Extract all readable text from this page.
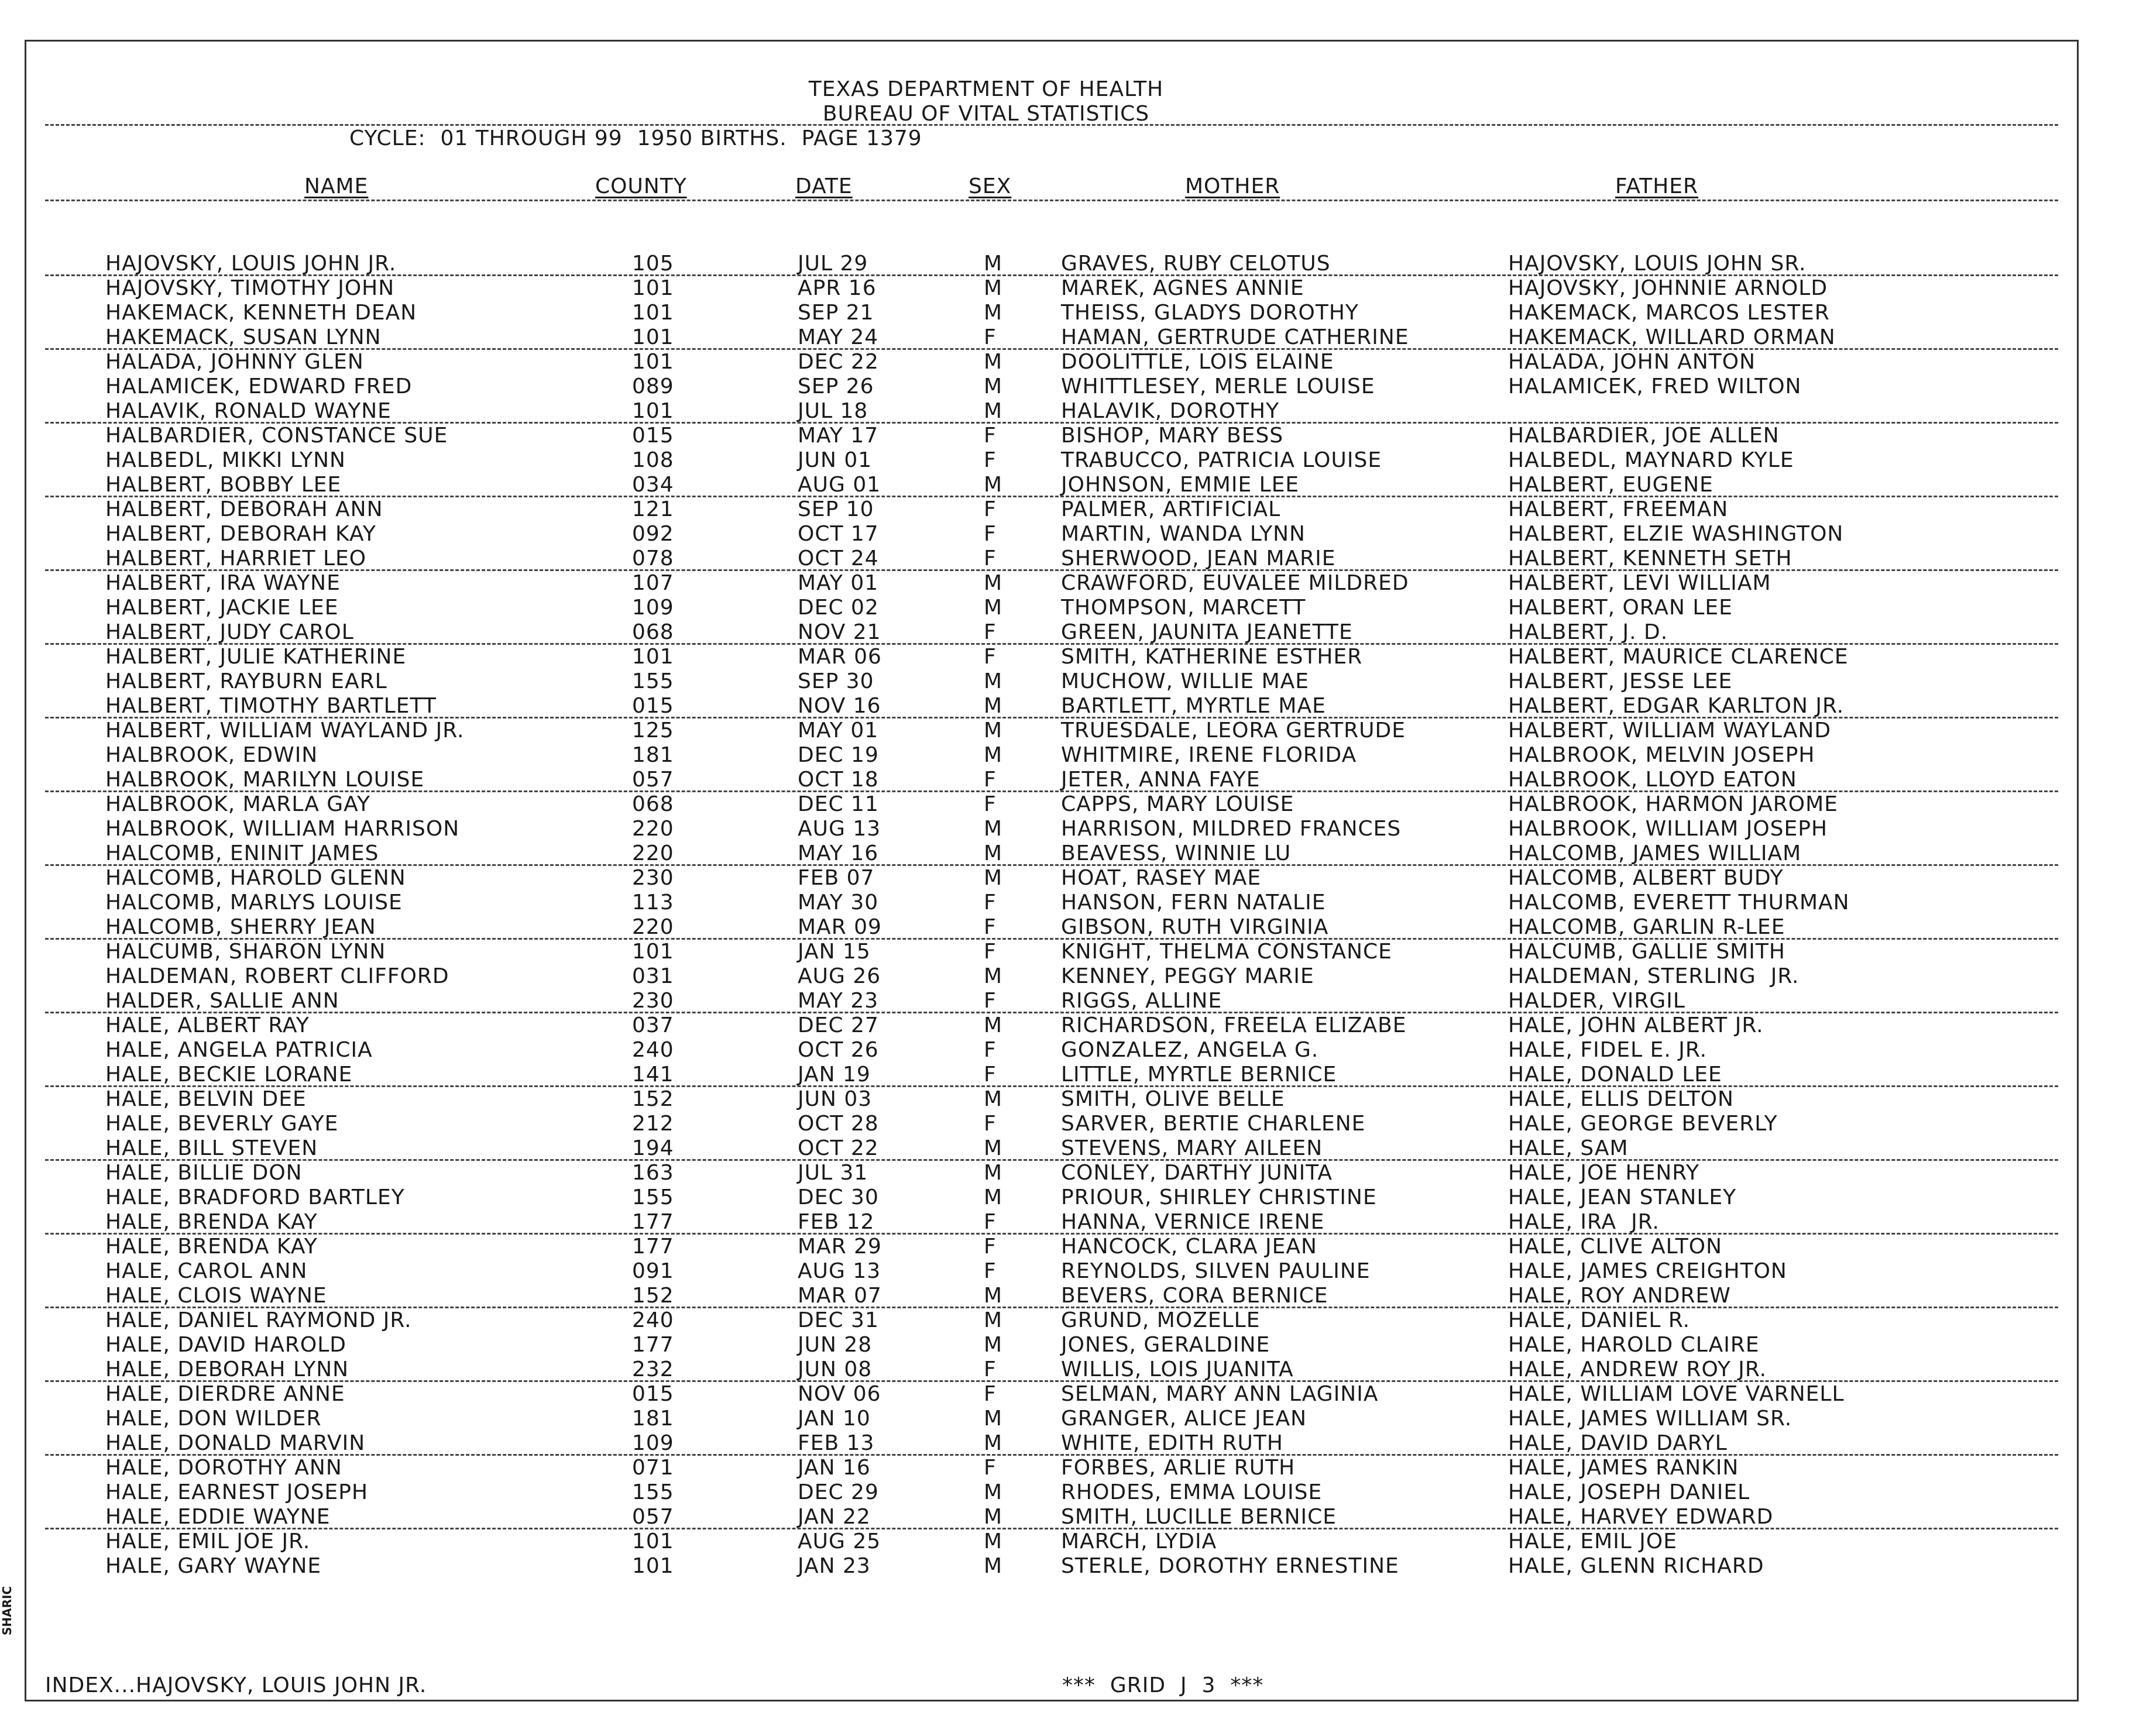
SHARIC
TEXAS DEPARTMENT OF HEALTH
BUREAU OF VITAL STATISTICS
CYCLE:  01 THROUGH 99  1950 BIRTHS.  PAGE 1379
NAME	COUNTY	DATE	SEX	MOTHER	FATHER
HAJOVSKY, LOUIS JOHN JR.	105	JUL 29	M	GRAVES, RUBY CELOTUS	HAJOVSKY, LOUIS JOHN SR.
HAJOVSKY, TIMOTHY JOHN	101	APR 16	M	MAREK, AGNES ANNIE	HAJOVSKY, JOHNNIE ARNOLD
HAKEMACK, KENNETH DEAN	101	SEP 21	M	THEISS, GLADYS DOROTHY	HAKEMACK, MARCOS LESTER
HAKEMACK, SUSAN LYNN	101	MAY 24	F	HAMAN, GERTRUDE CATHERINE	HAKEMACK, WILLARD ORMAN
HALADA, JOHNNY GLEN	101	DEC 22	M	DOOLITTLE, LOIS ELAINE	HALADA, JOHN ANTON
HALAMICEK, EDWARD FRED	089	SEP 26	M	WHITTLESEY, MERLE LOUISE	HALAMICEK, FRED WILTON
HALAVIK, RONALD WAYNE	101	JUL 18	M	HALAVIK, DOROTHY
HALBARDIER, CONSTANCE SUE	015	MAY 17	F	BISHOP, MARY BESS	HALBARDIER, JOE ALLEN
HALBEDL, MIKKI LYNN	108	JUN 01	F	TRABUCCO, PATRICIA LOUISE	HALBEDL, MAYNARD KYLE
HALBERT, BOBBY LEE	034	AUG 01	M	JOHNSON, EMMIE LEE	HALBERT, EUGENE
HALBERT, DEBORAH ANN	121	SEP 10	F	PALMER, ARTIFICIAL	HALBERT, FREEMAN
HALBERT, DEBORAH KAY	092	OCT 17	F	MARTIN, WANDA LYNN	HALBERT, ELZIE WASHINGTON
HALBERT, HARRIET LEO	078	OCT 24	F	SHERWOOD, JEAN MARIE	HALBERT, KENNETH SETH
HALBERT, IRA WAYNE	107	MAY 01	M	CRAWFORD, EUVALEE MILDRED	HALBERT, LEVI WILLIAM
HALBERT, JACKIE LEE	109	DEC 02	M	THOMPSON, MARCETT	HALBERT, ORAN LEE
HALBERT, JUDY CAROL	068	NOV 21	F	GREEN, JAUNITA JEANETTE	HALBERT, J. D.
HALBERT, JULIE KATHERINE	101	MAR 06	F	SMITH, KATHERINE ESTHER	HALBERT, MAURICE CLARENCE
HALBERT, RAYBURN EARL	155	SEP 30	M	MUCHOW, WILLIE MAE	HALBERT, JESSE LEE
HALBERT, TIMOTHY BARTLETT	015	NOV 16	M	BARTLETT, MYRTLE MAE	HALBERT, EDGAR KARLTON JR.
HALBERT, WILLIAM WAYLAND JR.	125	MAY 01	M	TRUESDALE, LEORA GERTRUDE	HALBERT, WILLIAM WAYLAND
HALBROOK, EDWIN	181	DEC 19	M	WHITMIRE, IRENE FLORIDA	HALBROOK, MELVIN JOSEPH
HALBROOK, MARILYN LOUISE	057	OCT 18	F	JETER, ANNA FAYE	HALBROOK, LLOYD EATON
HALBROOK, MARLA GAY	068	DEC 11	F	CAPPS, MARY LOUISE	HALBROOK, HARMON JAROME
HALBROOK, WILLIAM HARRISON	220	AUG 13	M	HARRISON, MILDRED FRANCES	HALBROOK, WILLIAM JOSEPH
HALCOMB, ENINIT JAMES	220	MAY 16	M	BEAVESS, WINNIE LU	HALCOMB, JAMES WILLIAM
HALCOMB, HAROLD GLENN	230	FEB 07	M	HOAT, RASEY MAE	HALCOMB, ALBERT BUDY
HALCOMB, MARLYS LOUISE	113	MAY 30	F	HANSON, FERN NATALIE	HALCOMB, EVERETT THURMAN
HALCOMB, SHERRY JEAN	220	MAR 09	F	GIBSON, RUTH VIRGINIA	HALCOMB, GARLIN R-LEE
HALCUMB, SHARON LYNN	101	JAN 15	F	KNIGHT, THELMA CONSTANCE	HALCUMB, GALLIE SMITH
HALDEMAN, ROBERT CLIFFORD	031	AUG 26	M	KENNEY, PEGGY MARIE	HALDEMAN, STERLING  JR.
HALDER, SALLIE ANN	230	MAY 23	F	RIGGS, ALLINE	HALDER, VIRGIL
HALE, ALBERT RAY	037	DEC 27	M	RICHARDSON, FREELA ELIZABE	HALE, JOHN ALBERT JR.
HALE, ANGELA PATRICIA	240	OCT 26	F	GONZALEZ, ANGELA G.	HALE, FIDEL E. JR.
HALE, BECKIE LORANE	141	JAN 19	F	LITTLE, MYRTLE BERNICE	HALE, DONALD LEE
HALE, BELVIN DEE	152	JUN 03	M	SMITH, OLIVE BELLE	HALE, ELLIS DELTON
HALE, BEVERLY GAYE	212	OCT 28	F	SARVER, BERTIE CHARLENE	HALE, GEORGE BEVERLY
HALE, BILL STEVEN	194	OCT 22	M	STEVENS, MARY AILEEN	HALE, SAM
HALE, BILLIE DON	163	JUL 31	M	CONLEY, DARTHY JUNITA	HALE, JOE HENRY
HALE, BRADFORD BARTLEY	155	DEC 30	M	PRIOUR, SHIRLEY CHRISTINE	HALE, JEAN STANLEY
HALE, BRENDA KAY	177	FEB 12	F	HANNA, VERNICE IRENE	HALE, IRA  JR.
HALE, BRENDA KAY	177	MAR 29	F	HANCOCK, CLARA JEAN	HALE, CLIVE ALTON
HALE, CAROL ANN	091	AUG 13	F	REYNOLDS, SILVEN PAULINE	HALE, JAMES CREIGHTON
HALE, CLOIS WAYNE	152	MAR 07	M	BEVERS, CORA BERNICE	HALE, ROY ANDREW
HALE, DANIEL RAYMOND JR.	240	DEC 31	M	GRUND, MOZELLE	HALE, DANIEL R.
HALE, DAVID HAROLD	177	JUN 28	M	JONES, GERALDINE	HALE, HAROLD CLAIRE
HALE, DEBORAH LYNN	232	JUN 08	F	WILLIS, LOIS JUANITA	HALE, ANDREW ROY JR.
HALE, DIERDRE ANNE	015	NOV 06	F	SELMAN, MARY ANN LAGINIA	HALE, WILLIAM LOVE VARNELL
HALE, DON WILDER	181	JAN 10	M	GRANGER, ALICE JEAN	HALE, JAMES WILLIAM SR.
HALE, DONALD MARVIN	109	FEB 13	M	WHITE, EDITH RUTH	HALE, DAVID DARYL
HALE, DOROTHY ANN	071	JAN 16	F	FORBES, ARLIE RUTH	HALE, JAMES RANKIN
HALE, EARNEST JOSEPH	155	DEC 29	M	RHODES, EMMA LOUISE	HALE, JOSEPH DANIEL
HALE, EDDIE WAYNE	057	JAN 22	M	SMITH, LUCILLE BERNICE	HALE, HARVEY EDWARD
HALE, EMIL JOE JR.	101	AUG 25	M	MARCH, LYDIA	HALE, EMIL JOE
HALE, GARY WAYNE	101	JAN 23	M	STERLE, DOROTHY ERNESTINE	HALE, GLENN RICHARD
INDEX...HAJOVSKY, LOUIS JOHN JR.	***  GRID  J  3  ***
